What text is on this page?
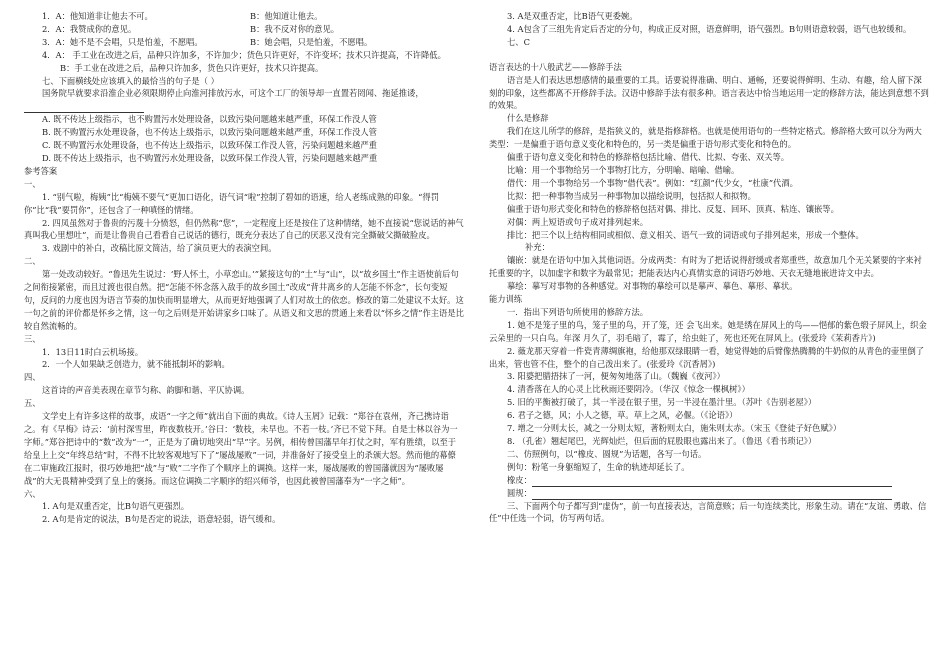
1．A：他知道非让他去不可。	B：他知道让他去。
2．A：我赞成你的意见。	B：我不反对你的意见。
3．A：她不是不会唱，只是怕羞，不愿唱。	B：她会唱，只是怕羞，不愿唱。

4．A： 手工业在改进之后，品种只许加多，不许加少；货色只许更好，不许变坏；技术只许提高，不许降低。

B：手工业在改进之后，品种只许加多，货色只许更好，技术只许提高。

七、下面横线处应该填入的最恰当的句子是（ ）

国务院早就要求沿淮企业必须限期停止向淮河排放污水，可这个工厂的领导却一直置若罔闻、拖延推诿，

A. 既不传达上级指示，也不购置污水处理设备，以致污染问题越来越严重，环保工作没人管

B. 既不购置污水处理设备，也不传达上级指示，以致污染问题越来越严重，环保工作没人管

C. 既不购置污水处理设备，也不传达上级指示，以致环保工作没人管，污染问题越来越严重

D. 既不传达上级指示，也不购置污水处理设备，以致环保工作没人管，污染问题越来越严重

参考答案

一、

1. “别气啦，梅姨”比“梅姨不要气”更加口语化，语气词“啦”控制了碧如的语速，给人老练成熟的印象。“得罚你”比“我”要罚你”，还包含了一种嗔怪的情绪。

2. 四凤虽然对于鲁贵的污蔑十分愤怒，但仍然称“您”，一定程度上还是按住了这种情绪，她不直接说“您说话的神气真叫我心里想吐”，而是让鲁贵自己看看自己说话的德行，既充分表达了自己的厌恶又没有完全撕破父撕破脸皮。

3. 戏剧中的补白，改稿比原文简洁，给了演员更大的表演空间。

二、

第一处改动较好。“鲁迅先生说过：‘野人怀土，小草恋山。’”紧接这句的“土”与“山”，以“故乡国土”作主语使前后句之间衔接紧密，而且过渡也很自然。把“怎能不怀念落入敌手的故乡国土”改成“背井离乡的人怎能不怀念”，长句变短句，反问的力度也因为语言节奏的加快而明显增大，从而更好地强调了人们对故土的依恋。修改的第二处建议不太好。这一句之前的评价都是怀乡之情，这一句之后则是开始讲家乡口味了。从语义和文思的贯通上来看以“怀乡之情”作主语是比较自然流畅的。

三、

1．13日11时白云机场接。

2．一个人如果缺乏创造力，就不能抵制坏的影响。

四、

这首诗的声音美表现在章节匀称、韵脚和谐、平仄协调。

五、

文学史上有许多这样的故事，成语“一字之师”就出自下面的典故。《诗人玉屑》记载：“郑谷在袁州，齐己携诗诣之。有《早梅》诗云：‘前村深雪里，昨夜数枝开。’谷曰：‘数枝，未早也。不若一枝。’齐已不觉下拜。自是士林以谷为一字师。”郑谷把诗中的“数”改为“一”，正是为了确切地突出“早”字。另例，相传曾国藩早年打仗之时，军有胜绩，以至于给皇上上交“年终总结”时，不得不比较客观地写下了“屡战屡败”一词，并准备好了接受皇上的杀颁大怒。然而他的幕僚在二审施政江报时，很巧妙地把“战”与“败”二字作了个顺序上的调换。这样一来，屡战屡败的曾国藩就因为“屡败屡战”的大无畏精神受到了皇上的褒扬。而这位调换二字顺序的绍兴师爷，也因此被曾国藩奉为“一字之师”。

六、

1. A句是双重否定，比B句语气更强烈。

2. A句是肯定的说法，B句是否定的说法，语意轻弱，语气缓和。

3. A是双重否定，比B语气更委婉。

4. A包含了三组先肯定后否定的分句，构成正反对照，语意鲜明，语气强烈。B句则语意较弱，语气也较缓和。

七、C

语言表达的十八般武艺——修辞手法

语言是人们表达思想感情的最重要的工具。话要说得准确、明白、通畅，还要说得鲜明、生动、有趣，给人留下深刻的印象，这些都离不开修辞手法。汉语中修辞手法有很多种。语言表达中恰当地运用一定的修辞方法，能达到意想不到的效果。

什么是修辞

我们在这儿所学的修辞，是指狭义的，就是指修辞格。也就是使用语句的一些特定格式。修辞格大致可以分为两大类型：一是偏重于语句意义变化和特色的，另一类是偏重于语句形式变化和特色的。

偏重于语句意义变化和特色的修辞格包括比喻、借代、比拟、夸张、双关等。

比喻：用一个事物给另一个事物打比方，分明喻、暗喻、借喻。

借代：用一个事物给另一个事物“借代表”。例如：“红颜”代少女，“杜康”代酒。

比拟：把一种事物当成另一种事物加以描绘说明，包括拟人和拟物。

偏重于语句形式变化和特色的修辞格包括对偶、排比、反复、回环、顶真、粘连、镶嵌等。

对偶：两上短语或句子成对排列起来。

排比：把三个以上结构相同或相似、意义相关、语气一致的词语或句子排列起来，形成一个整体。

补充：

镶嵌：就是在语句中加入其他词语。分成两类：有时为了把话说得舒缓或者郑重些，故意加几个无关紧要的字来衬托重要的字，以加虚字和数字为最常见；把能表达内心真情实意的词语巧妙地、天衣无缝地嵌进诗文中去。

摹绘：摹写对事物的各种感觉。对事物的摹绘可以是摹声、摹色、摹形、摹状。

能力训练

一．指出下列语句所使用的修辞方法。

1. 她不是笼子里的鸟，笼子里的鸟，开了笼，还 会飞出来。她是绣在屏风上的鸟——悒郁的紫色缎子屏风上，织金云朵里的一只白鸟。年深 月久了，羽毛暗了，霉了，给虫蛀了，死也还死在屏风上。(张爱玲《茉莉香片》)

2. 薇龙那天穿着一件瓷青薄绸旗袍，给他那双绿眼睛一看，她觉得她的后臂像热腾腾的牛奶似的从青色的壶里倒了出来，管也管不住，整个的自己泼出来了。(张爱玲《沉香屑》)

3. 阳婆把腊捂抹了一河，便匆匆地落了山。（魏巍《夜河》）

4. 清香落在人的心灵上比秋雨还要阴冷。（华汉《惊念一棵枫树》）

5. 旧的平衡被打破了，其一半浸在银子里，另一半浸在墨汁里。（苏叶《告别老屋》）

6. 君子之德，风；小人之德，草。草上之风，必偃。（《论语》）

7. 增之一分则太长，减之一分则太短，著粉则太白，施朱则太赤。（宋玉《登徒子好色赋》）

8. （孔雀）翘起尾巴，光辉灿烂，但后面的屁股眼也露出来了。（鲁迅《看书琐记》）

二、仿照例句，以“橡皮、圆规”为话题，各写一句话。

例句：粉笔一身躯缩短了，生命的轨迹却延长了。

橡皮：

圆规：

三、下面两个句子都写到“虚伪”，前一句直接表达，言简意赅；后一句连续类比，形象生动。请在“友谊、勇敢、信任”中任选一个词，仿写两句话。
